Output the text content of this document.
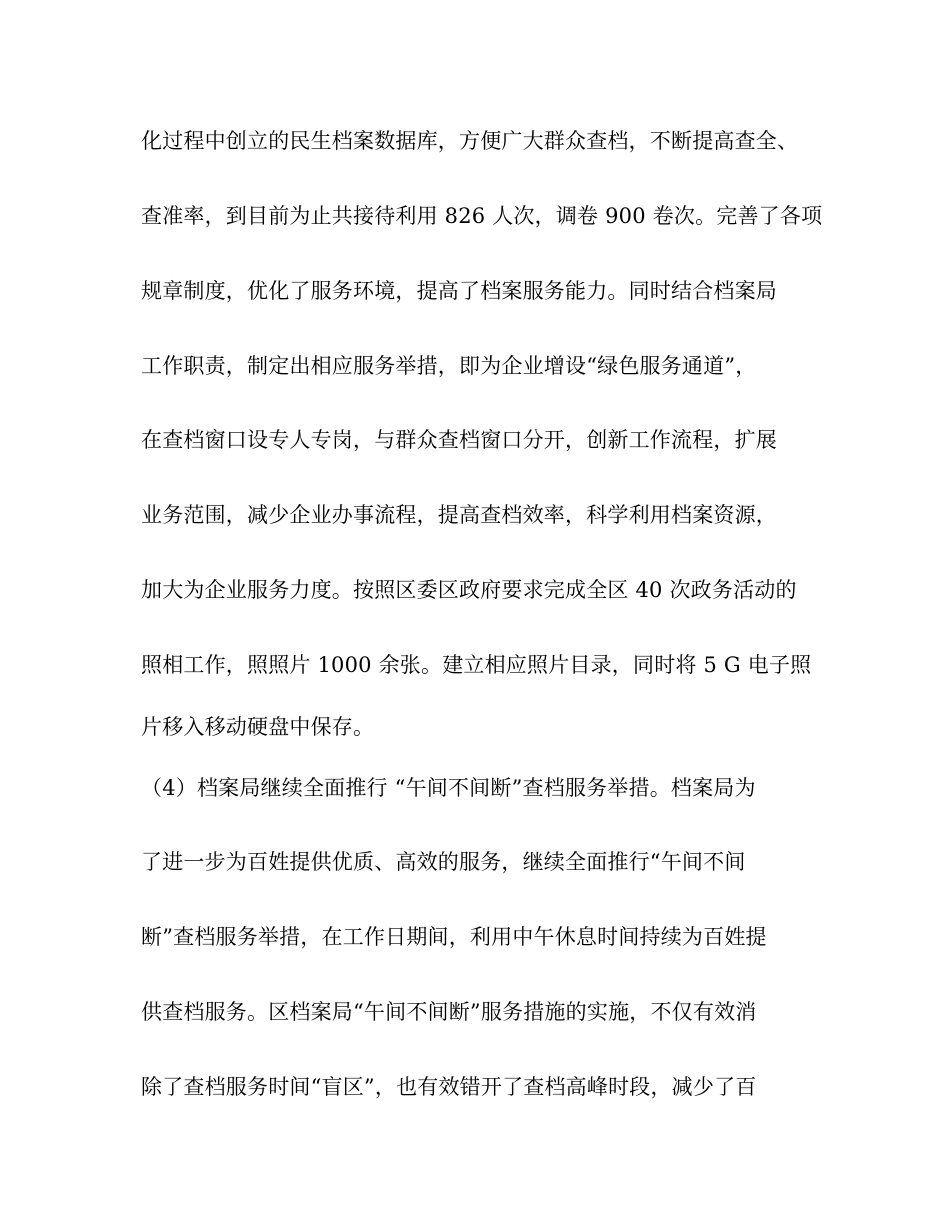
化过程中创立的民生档案数据库，方便广大群众查档，不断提高查全、
查准率，到目前为止共接待利用 826 人次，调卷 900 卷次。完善了各项
规章制度，优化了服务环境，提高了档案服务能力。同时结合档案局
工作职责，制定出相应服务举措，即为企业增设“绿色服务通道”，
在查档窗口设专人专岗，与群众查档窗口分开，创新工作流程，扩展
业务范围，减少企业办事流程，提高查档效率，科学利用档案资源，
加大为企业服务力度。按照区委区政府要求完成全区 40 次政务活动的
照相工作，照照片 1000 余张。建立相应照片目录，同时将 5 G 电子照
片移入移动硬盘中保存。
（4）档案局继续全面推行 “午间不间断”查档服务举措。档案局为
了进一步为百姓提供优质、高效的服务，继续全面推行“午间不间
断”查档服务举措，在工作日期间，利用中午休息时间持续为百姓提
供查档服务。区档案局“午间不间断”服务措施的实施，不仅有效消
除了查档服务时间“盲区”，也有效错开了查档高峰时段，减少了百
